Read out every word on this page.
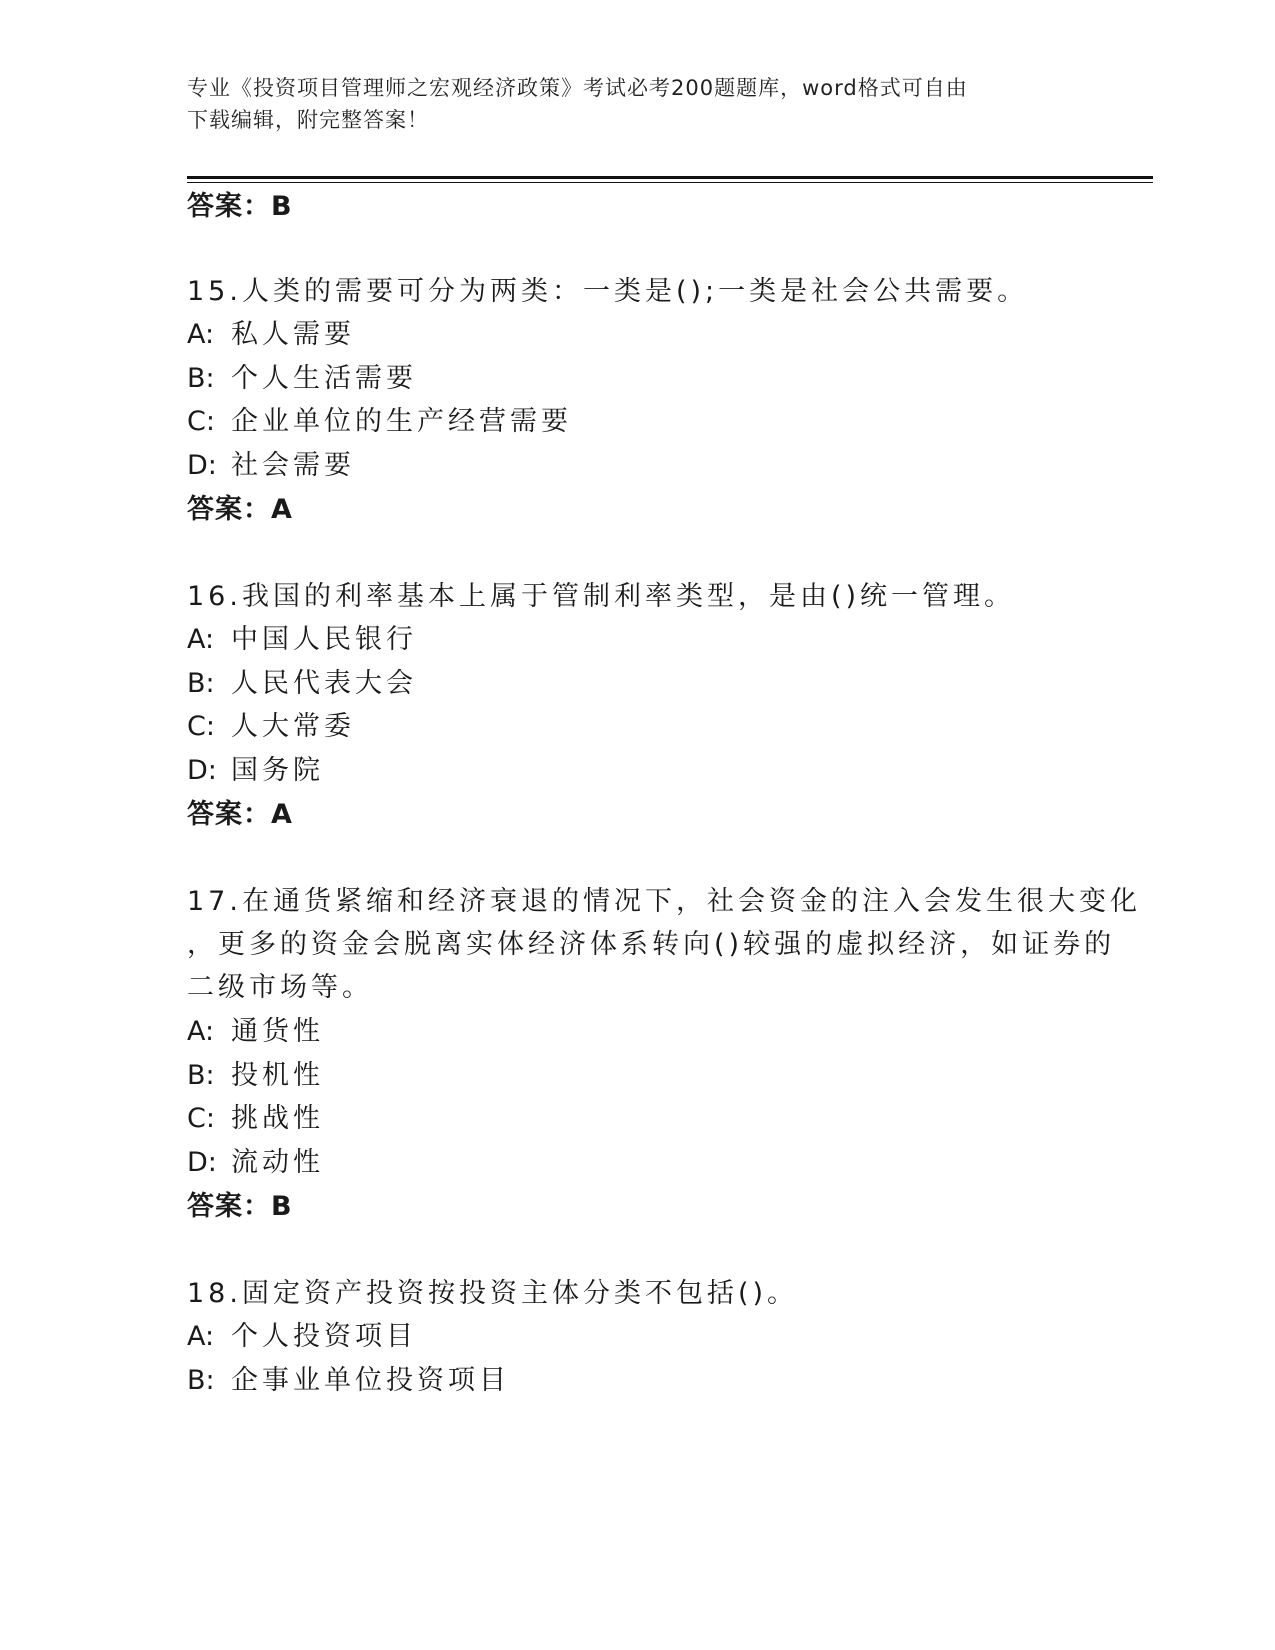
专业《投资项目管理师之宏观经济政策》考试必考200题题库，word格式可自由
下载编辑，附完整答案！
答案：B
15.人类的需要可分为两类：一类是();一类是社会公共需要。
A: 私人需要
B: 个人生活需要
C: 企业单位的生产经营需要
D: 社会需要
答案：A
16.我国的利率基本上属于管制利率类型，是由()统一管理。
A: 中国人民银行
B: 人民代表大会
C: 人大常委
D: 国务院
答案：A
17.在通货紧缩和经济衰退的情况下，社会资金的注入会发生很大变化
，更多的资金会脱离实体经济体系转向()较强的虚拟经济，如证券的
二级市场等。
A: 通货性
B: 投机性
C: 挑战性
D: 流动性
答案：B
18.固定资产投资按投资主体分类不包括()。
A: 个人投资项目
B: 企事业单位投资项目
